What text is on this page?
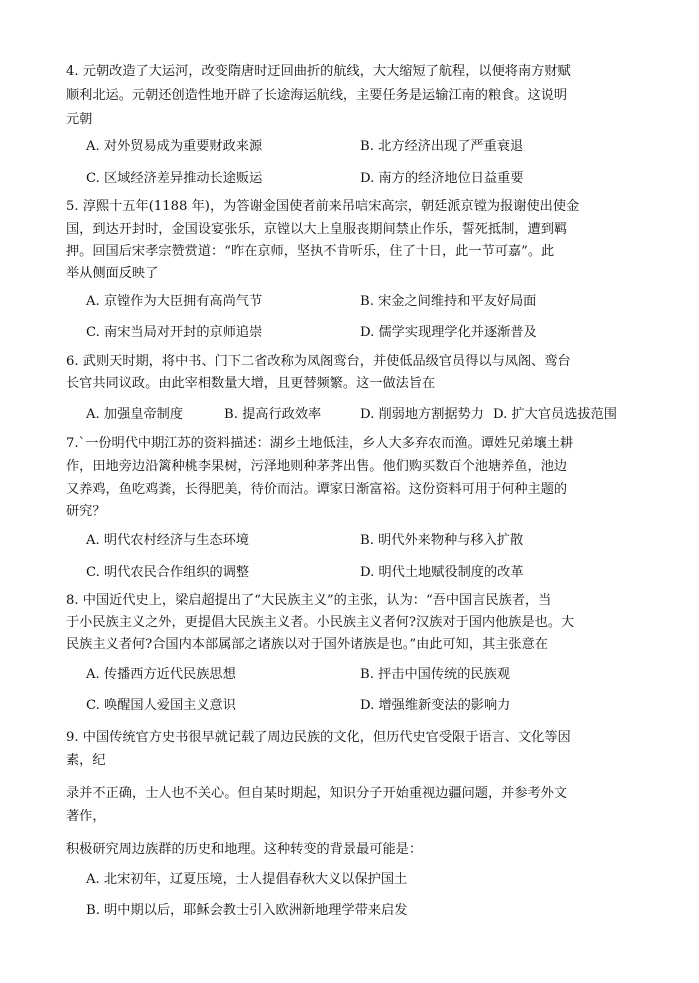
4. 元朝改造了大运河，改变隋唐时迂回曲折的航线，大大缩短了航程，以便将南方财赋
顺利北运。元朝还创造性地开辟了长途海运航线，主要任务是运输江南的粮食。这说明
元朝
A. 对外贸易成为重要财政来源	B. 北方经济出现了严重衰退
C. 区域经济差异推动长途贩运	D. 南方的经济地位日益重要
5. 淳熙十五年(1188 年)，为答谢金国使者前来吊唁宋高宗，朝廷派京镗为报谢使出使金
国，到达开封时，金国设宴张乐，京镗以大上皇服丧期间禁止作乐，誓死抵制，遭到羁
押。回国后宋孝宗赞赏道：“昨在京师，坚执不肯听乐，住了十日，此一节可嘉”。此
举从侧面反映了
A. 京镗作为大臣拥有高尚气节	B. 宋金之间维持和平友好局面
C. 南宋当局对开封的京师追崇	D. 儒学实现理学化并逐渐普及
6. 武则天时期，将中书、门下二省改称为凤阁鸾台，并使低品级官员得以与凤阁、鸾台
长官共同议政。由此宰相数量大增，且更替频繁。这一做法旨在
A. 加强皇帝制度	B. 提高行政效率	D. 削弱地方割据势力 D. 扩大官员选拔范围
7.`一份明代中期江苏的资料描述：湖乡土地低洼，乡人大多弃农而渔。谭姓兄弟壤土耕
作，田地旁边沿篱种桃李果树，污泽地则种茅荠出售。他们购买数百个池塘养鱼，池边
又养鸡，鱼吃鸡粪，长得肥美，待价而沽。谭家日渐富裕。这份资料可用于何种主题的
研究？
A. 明代农村经济与生态环境	B. 明代外来物种与移入扩散
C. 明代农民合作组织的调整	D. 明代土地赋役制度的改革
8. 中国近代史上，梁启超提出了“大民族主义”的主张，认为：“吾中国言民族者，当
于小民族主义之外，更提倡大民族主义者。小民族主义者何?汉族对于国内他族是也。大
民族主义者何?合国内本部属部之诸族以对于国外诸族是也。”由此可知，其主张意在
A. 传播西方近代民族思想	B. 抨击中国传统的民族观
C. 唤醒国人爱国主义意识	D. 增强维新变法的影响力
9. 中国传统官方史书很早就记载了周边民族的文化，但历代史官受限于语言、文化等因
素，纪
录并不正确，士人也不关心。但自某时期起，知识分子开始重视边疆问题，并参考外文
著作，
积极研究周边族群的历史和地理。这种转变的背景最可能是：
A. 北宋初年，辽夏压境，士人提倡春秋大义以保护国土
B. 明中期以后，耶稣会教士引入欧洲新地理学带来启发
